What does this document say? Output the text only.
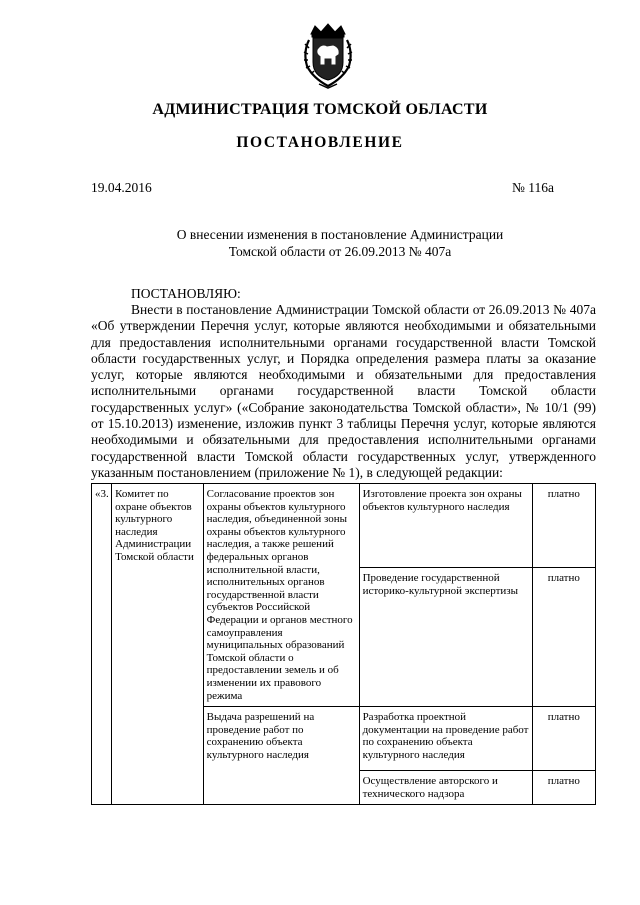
АДМИНИСТРАЦИЯ ТОМСКОЙ ОБЛАСТИ
ПОСТАНОВЛЕНИЕ
19.04.2016	№ 116а
О внесении изменения в постановление Администрации
Томской области от 26.09.2013 № 407а
ПОСТАНОВЛЯЮ:
Внести в постановление Администрации Томской области от 26.09.2013 № 407а
«Об утверждении Перечня услуг, которые являются необходимыми и обязательными
для предоставления исполнительными органами государственной власти Томской
области государственных услуг, и Порядка определения размера платы за оказание
услуг, которые являются необходимыми и обязательными для предоставления
исполнительными органами государственной власти Томской области
государственных услуг» («Собрание законодательства Томской области», № 10/1 (99)
от 15.10.2013) изменение, изложив пункт 3 таблицы Перечня услуг, которые являются
необходимыми и обязательными для предоставления исполнительными органами
государственной власти Томской области государственных услуг, утвержденного
указанным постановлением (приложение № 1), в следующей редакции:
«3.	Комитет по охране объектов культурного наследия Администрации Томской области	Согласование проектов зон охраны объектов культурного наследия, объединенной зоны охраны объектов культурного наследия, а также решений федеральных органов исполнительной власти, исполнительных органов государственной власти субъектов Российской Федерации и органов местного самоуправления муниципальных образований Томской области о предоставлении земель и об изменении их правового режима	Изготовление проекта зон охраны объектов культурного наследия	платно
			Проведение государственной историко-культурной экспертизы	платно
		Выдача разрешений на проведение работ по сохранению объекта культурного наследия	Разработка проектной документации на проведение работ по сохранению объекта культурного наследия	платно
			Осуществление авторского и технического надзора	платно
